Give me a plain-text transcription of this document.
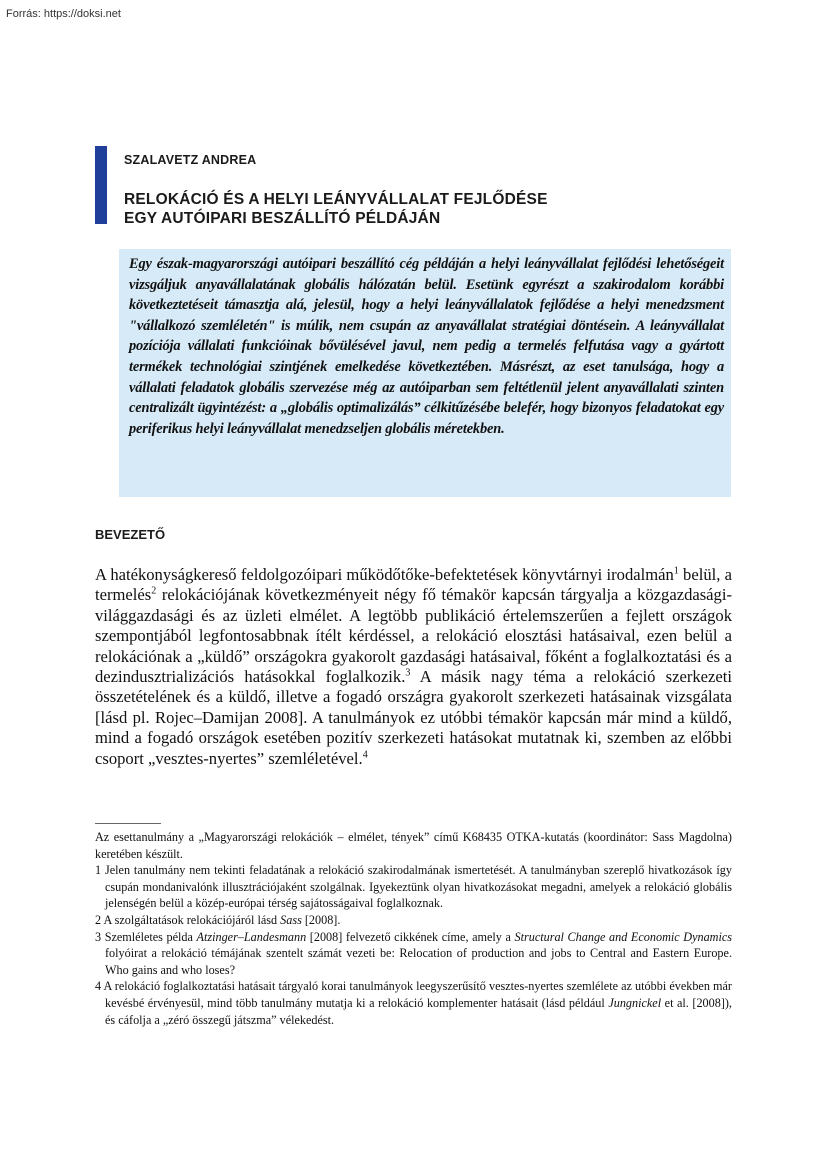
Forrás: https://doksi.net
SZALAVETZ ANDREA
RELOKÁCIÓ ÉS A HELYI LEÁNYVÁLLALAT FEJLŐDÉSE
EGY AUTÓIPARI BESZÁLLÍTÓ PÉLDÁJÁN

Egy észak-magyarországi autóipari beszállító cég példáján a helyi leányvállalat fejlődési lehetőségeit vizsgáljuk anyavállalatának globális hálózatán belül. Esetünk egyrészt a szakirodalom korábbi következtetéseit támasztja alá, jelesül, hogy a helyi leányvállalatok fejlődése a helyi menedzsment "vállalkozó szemléletén" is múlik, nem csupán az anyavállalat stratégiai döntésein. A leányvállalat pozíciója vállalati funkcióinak bővülésével javul, nem pedig a termelés felfutása vagy a gyártott termékek technológiai szintjének emelkedése következtében. Másrészt, az eset tanulsága, hogy a vállalati feladatok globális szervezése még az autóiparban sem feltétlenül jelent anyavállalati szinten centralizált ügyintézést: a „globális optimalizálás” célkitűzésébe belefér, hogy bizonyos feladatokat egy periferikus helyi leányvállalat menedzseljen globális méretekben.

BEVEZETŐ

A hatékonyságkereső feldolgozóipari működőtőke-befektetések könyvtárnyi irodalmán$^1$ belül, a termelés$^2$ relokációjának következményeit négy fő témakör kapcsán tárgyalja a közgazdasági-világgazdasági és az üzleti elmélet. A legtöbb publikáció értelemszerűen a fejlett országok szempontjából legfontosabbnak ítélt kérdéssel, a relokáció elosztási hatásaival, ezen belül a relokációnak a „küldő” országokra gyakorolt gazdasági hatásaival, főként a foglalkoztatási és a dezindusztrializációs hatásokkal foglalkozik.$^3$ A másik nagy téma a relokáció szerkezeti összetételének és a küldő, illetve a fogadó országra gyakorolt szerkezeti hatásainak vizsgálata [lásd pl. Rojec–Damijan 2008]. A tanulmányok ez utóbbi témakör kapcsán már mind a küldő, mind a fogadó országok esetében pozitív szerkezeti hatásokat mutatnak ki, szemben az előbbi csoport „vesztes-nyertes” szemléletével.$^4$

Az esettanulmány a „Magyarországi relokációk – elmélet, tények” című K68435 OTKA-kutatás (koordinátor: Sass Magdolna) keretében készült.

1 Jelen tanulmány nem tekinti feladatának a relokáció szakirodalmának ismertetését. A tanulmányban szereplő hivatkozások így csupán mondanivalónk illusztrációjaként szolgálnak. Igyekeztünk olyan hivatkozásokat megadni, amelyek a relokáció globális jelenségén belül a közép-európai térség sajátosságaival foglalkoznak.

2 A szolgáltatások relokációjáról lásd Sass [2008].

3 Szemléletes példa Atzinger–Landesmann [2008] felvezető cikkének címe, amely a Structural Change and Economic Dynamics folyóirat a relokáció témájának szentelt számát vezeti be: Relocation of production and jobs to Central and Eastern Europe. Who gains and who loses?

4 A relokáció foglalkoztatási hatásait tárgyaló korai tanulmányok leegyszerűsítő vesztes-nyertes szemlélete az utóbbi években már kevésbé érvényesül, mind több tanulmány mutatja ki a relokáció komplementer hatásait (lásd például Jungnickel et al. [2008]), és cáfolja a „zéró összegű játszma” vélekedést.
